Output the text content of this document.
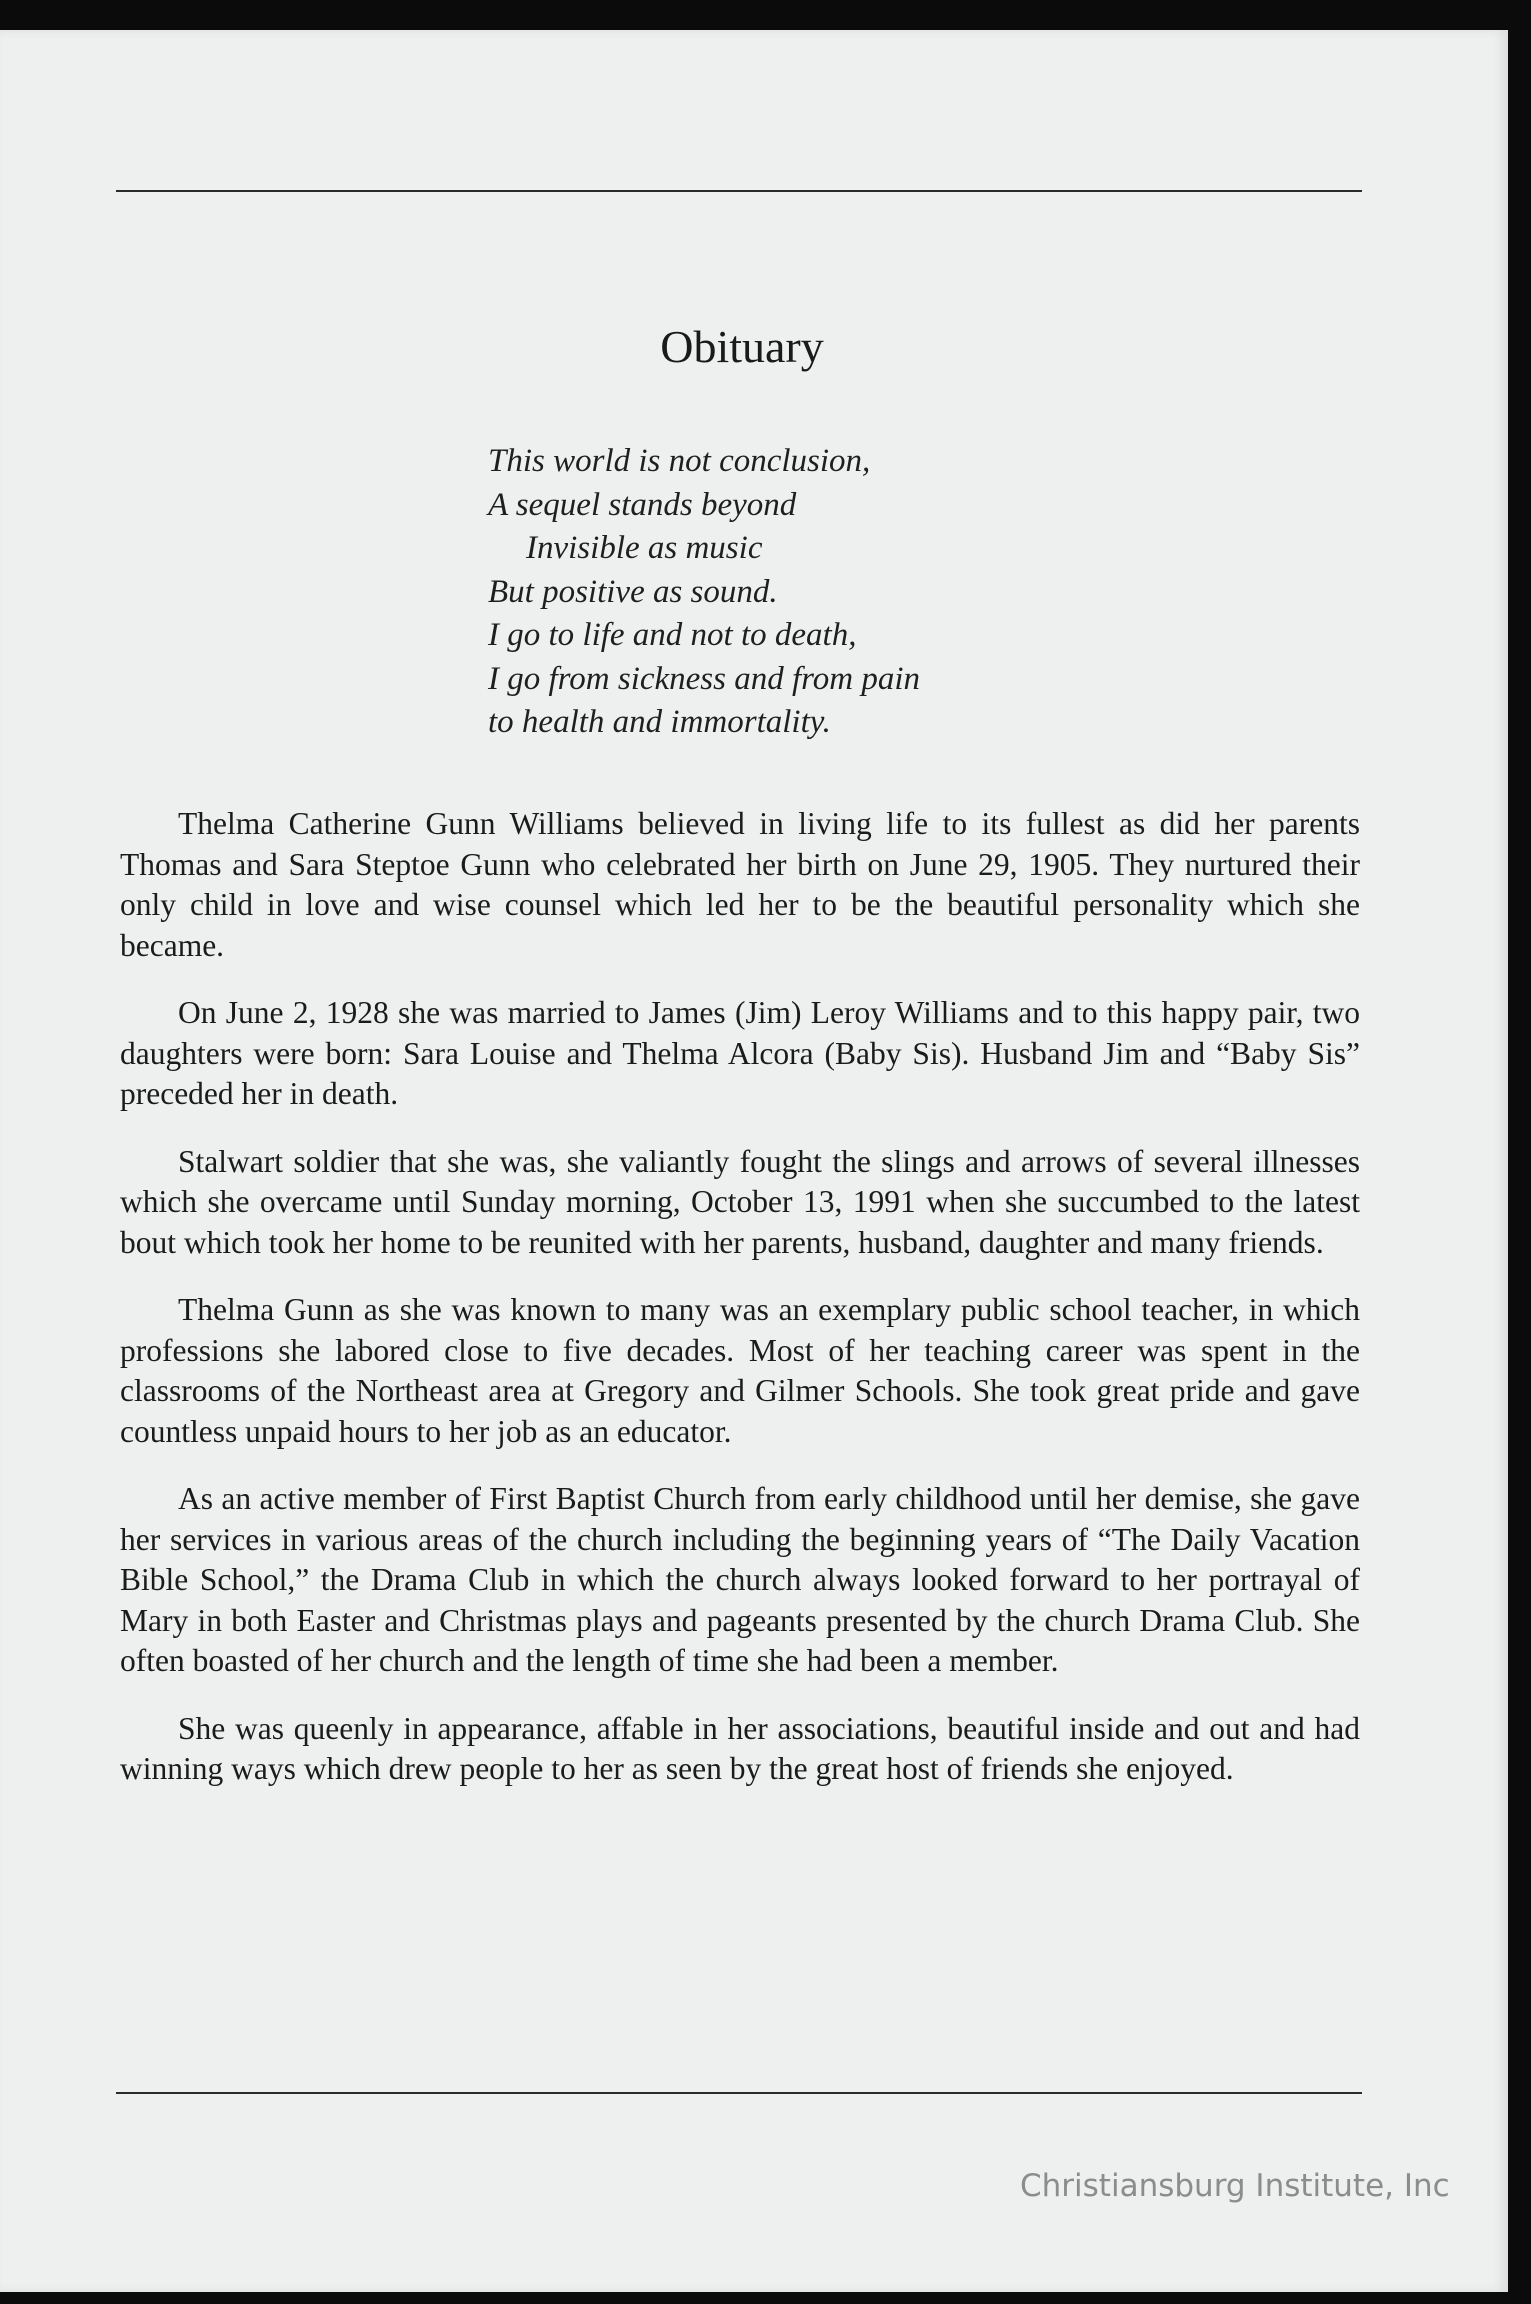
Obituary
This world is not conclusion,
A sequel stands beyond
Invisible as music
But positive as sound.
I go to life and not to death,
I go from sickness and from pain
to health and immortality.

Thelma Catherine Gunn Williams believed in living life to its fullest as did her parents Thomas and Sara Steptoe Gunn who celebrated her birth on June 29, 1905. They nurtured their only child in love and wise counsel which led her to be the beautiful personality which she became.

On June 2, 1928 she was married to James (Jim) Leroy Williams and to this happy pair, two daughters were born: Sara Louise and Thelma Alcora (Baby Sis). Husband Jim and “Baby Sis” preceded her in death.

Stalwart soldier that she was, she valiantly fought the slings and arrows of several illnesses which she overcame until Sunday morning, October 13, 1991 when she succumbed to the latest bout which took her home to be reunited with her parents, husband, daughter and many friends.

Thelma Gunn as she was known to many was an exemplary public school teacher, in which professions she labored close to five decades. Most of her teaching career was spent in the classrooms of the Northeast area at Gregory and Gilmer Schools. She took great pride and gave countless unpaid hours to her job as an educator.

As an active member of First Baptist Church from early childhood until her demise, she gave her services in various areas of the church including the beginning years of “The Daily Vacation Bible School,” the Drama Club in which the church always looked forward to her portrayal of Mary in both Easter and Christmas plays and pageants presented by the church Drama Club. She often boasted of her church and the length of time she had been a member.

She was queenly in appearance, affable in her associations, beautiful inside and out and had winning ways which drew people to her as seen by the great host of friends she enjoyed.

Christiansburg Institute, Inc
